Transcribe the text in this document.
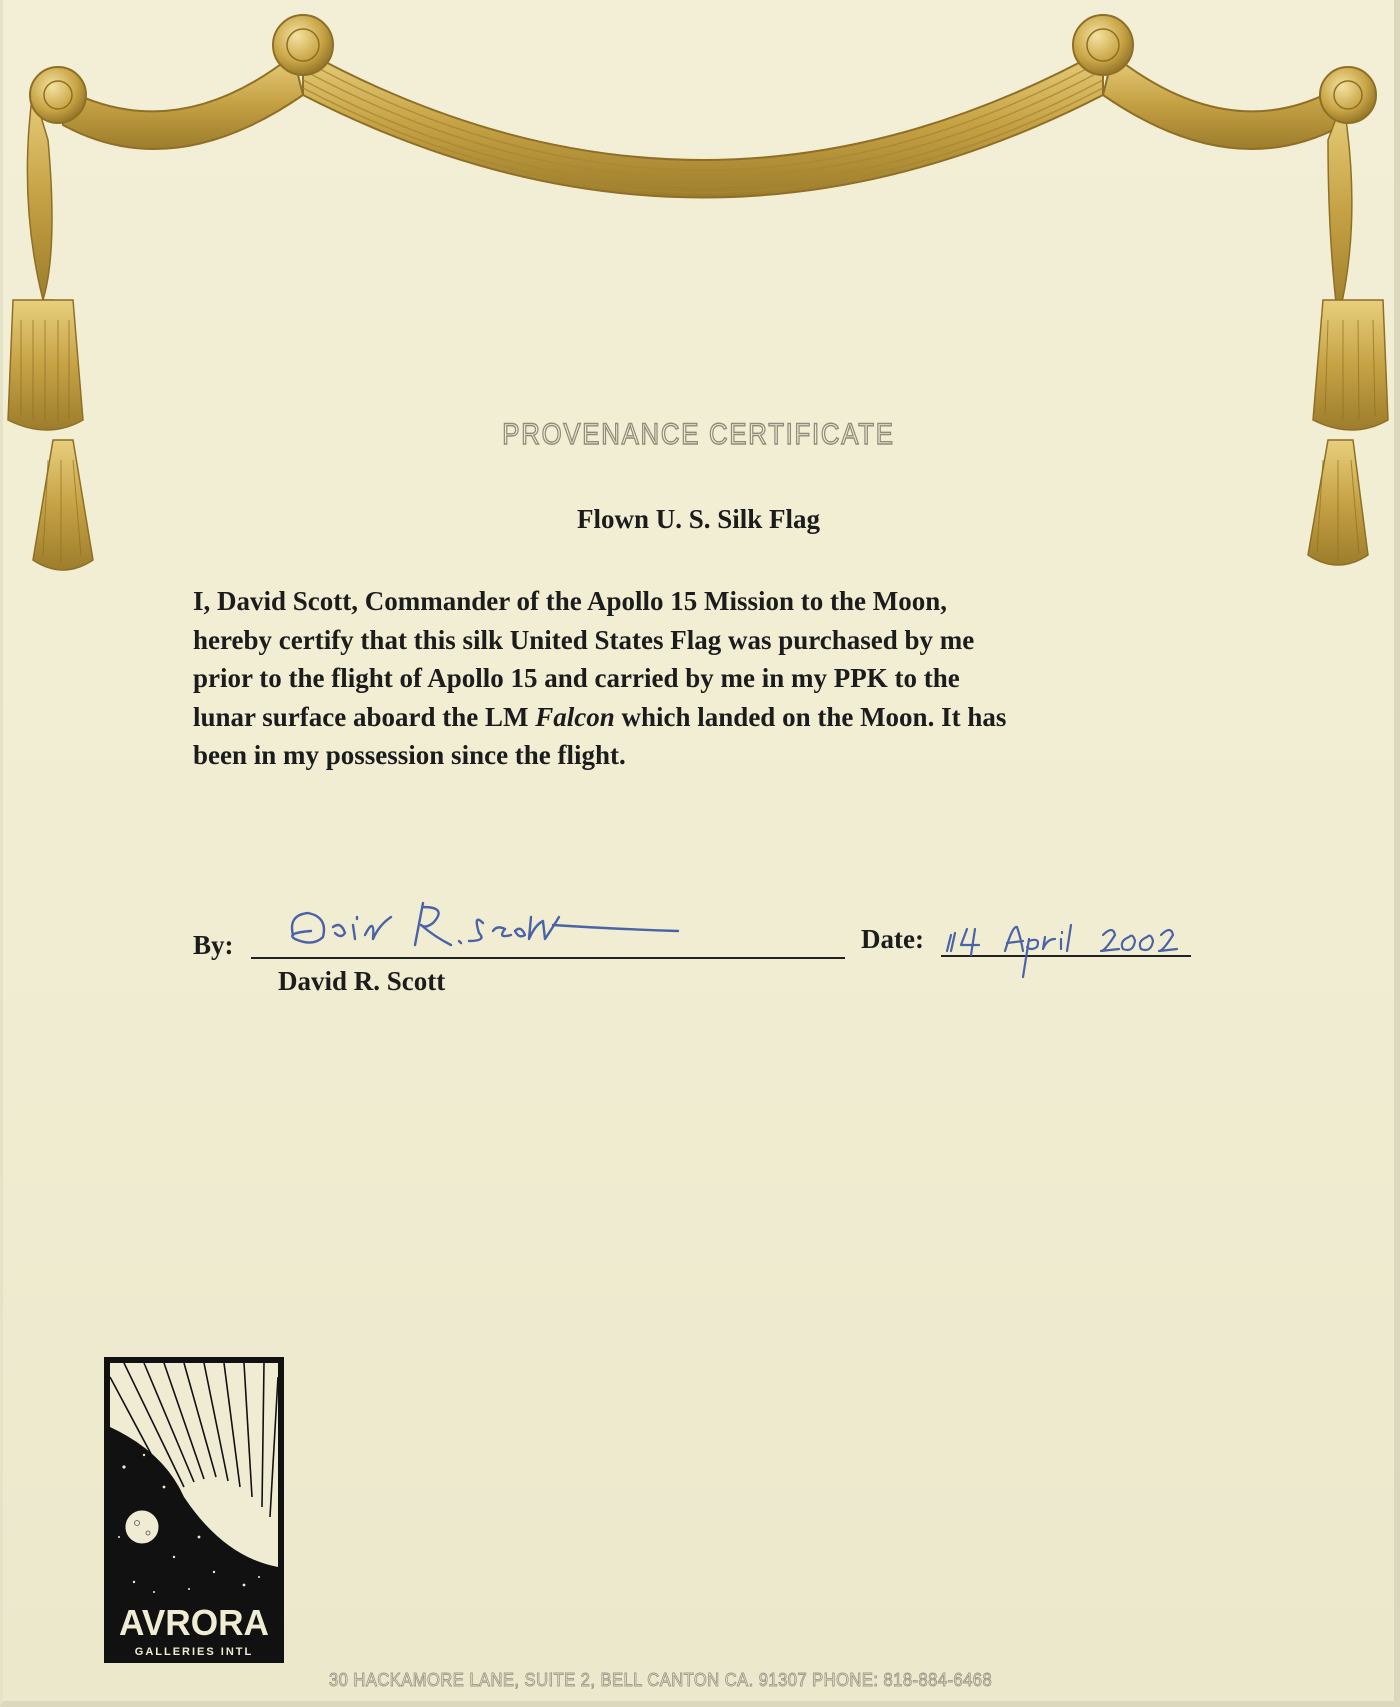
PROVENANCE CERTIFICATE
Flown U. S. Silk Flag
I, David Scott, Commander of the Apollo 15 Mission to the Moon,
hereby certify that this silk United States Flag was purchased by me
prior to the flight of Apollo 15 and carried by me in my PPK to the
lunar surface aboard the LM Falcon which landed on the Moon. It has
been in my possession since the flight.
By:
David R. Scott
Date:
AVRORA
GALLERIES INTL
30 HACKAMORE LANE, SUITE 2, BELL CANTON CA. 91307 PHONE: 818-884-6468
